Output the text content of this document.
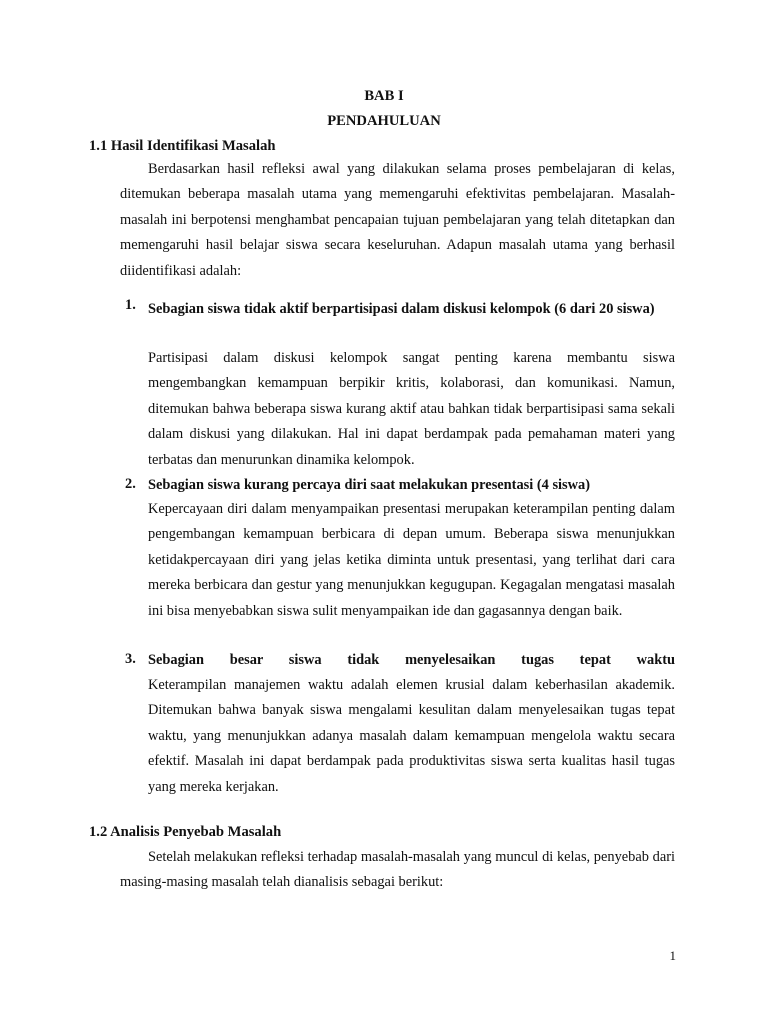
BAB I
PENDAHULUAN
1.1 Hasil Identifikasi Masalah
Berdasarkan hasil refleksi awal yang dilakukan selama proses pembelajaran di kelas, ditemukan beberapa masalah utama yang memengaruhi efektivitas pembelajaran. Masalah-masalah ini berpotensi menghambat pencapaian tujuan pembelajaran yang telah ditetapkan dan memengaruhi hasil belajar siswa secara keseluruhan. Adapun masalah utama yang berhasil diidentifikasi adalah:
1. Sebagian siswa tidak aktif berpartisipasi dalam diskusi kelompok (6 dari 20 siswa)
Partisipasi dalam diskusi kelompok sangat penting karena membantu siswa mengembangkan kemampuan berpikir kritis, kolaborasi, dan komunikasi. Namun, ditemukan bahwa beberapa siswa kurang aktif atau bahkan tidak berpartisipasi sama sekali dalam diskusi yang dilakukan. Hal ini dapat berdampak pada pemahaman materi yang terbatas dan menurunkan dinamika kelompok.
2. Sebagian siswa kurang percaya diri saat melakukan presentasi (4 siswa)
Kepercayaan diri dalam menyampaikan presentasi merupakan keterampilan penting dalam pengembangan kemampuan berbicara di depan umum. Beberapa siswa menunjukkan ketidakpercayaan diri yang jelas ketika diminta untuk presentasi, yang terlihat dari cara mereka berbicara dan gestur yang menunjukkan kegugupan. Kegagalan mengatasi masalah ini bisa menyebabkan siswa sulit menyampaikan ide dan gagasannya dengan baik.
3. Sebagian besar siswa tidak menyelesaikan tugas tepat waktu
Keterampilan manajemen waktu adalah elemen krusial dalam keberhasilan akademik. Ditemukan bahwa banyak siswa mengalami kesulitan dalam menyelesaikan tugas tepat waktu, yang menunjukkan adanya masalah dalam kemampuan mengelola waktu secara efektif. Masalah ini dapat berdampak pada produktivitas siswa serta kualitas hasil tugas yang mereka kerjakan.
1.2 Analisis Penyebab Masalah
Setelah melakukan refleksi terhadap masalah-masalah yang muncul di kelas, penyebab dari masing-masing masalah telah dianalisis sebagai berikut:
1
